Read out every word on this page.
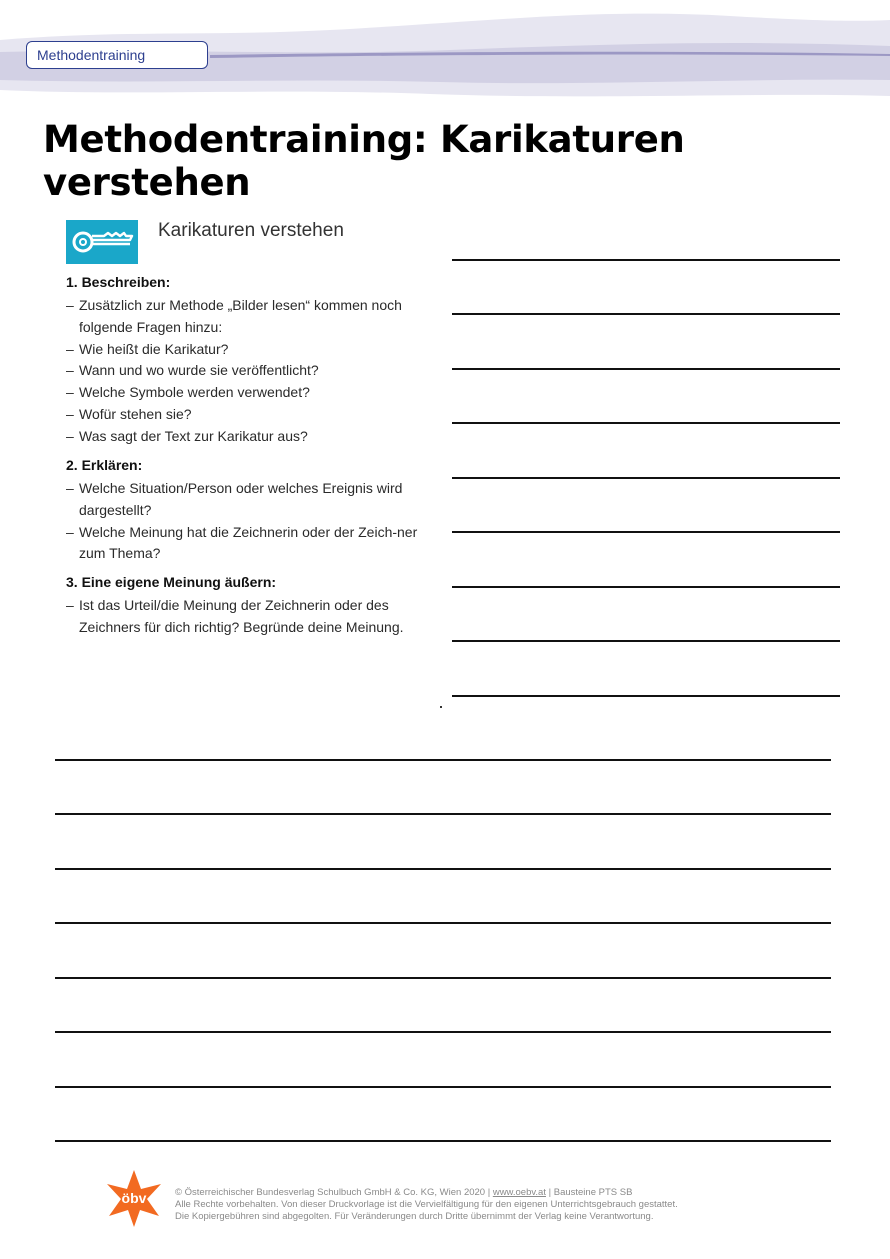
Methodentraining
Methodentraining: Karikaturen verstehen
Karikaturen verstehen
1. Beschreiben:
– Zusätzlich zur Methode „Bilder lesen“ kommen noch folgende Fragen hinzu:
– Wie heißt die Karikatur?
– Wann und wo wurde sie veröffentlicht?
– Welche Symbole werden verwendet?
– Wofür stehen sie?
– Was sagt der Text zur Karikatur aus?
2. Erklären:
– Welche Situation/Person oder welches Ereignis wird dargestellt?
– Welche Meinung hat die Zeichnerin oder der Zeich-ner zum Thema?
3. Eine eigene Meinung äußern:
– Ist das Urteil/die Meinung der Zeichnerin oder des Zeichners für dich richtig? Begründe deine Meinung.
öbv	© Österreichischer Bundesverlag Schulbuch GmbH & Co. KG, Wien 2020 | www.oebv.at | Bausteine PTS SB

Alle Rechte vorbehalten. Von dieser Druckvorlage ist die Vervielfältigung für den eigenen Unterrichtsgebrauch gestattet.

Die Kopiergebühren sind abgegolten. Für Veränderungen durch Dritte übernimmt der Verlag keine Verantwortung.
